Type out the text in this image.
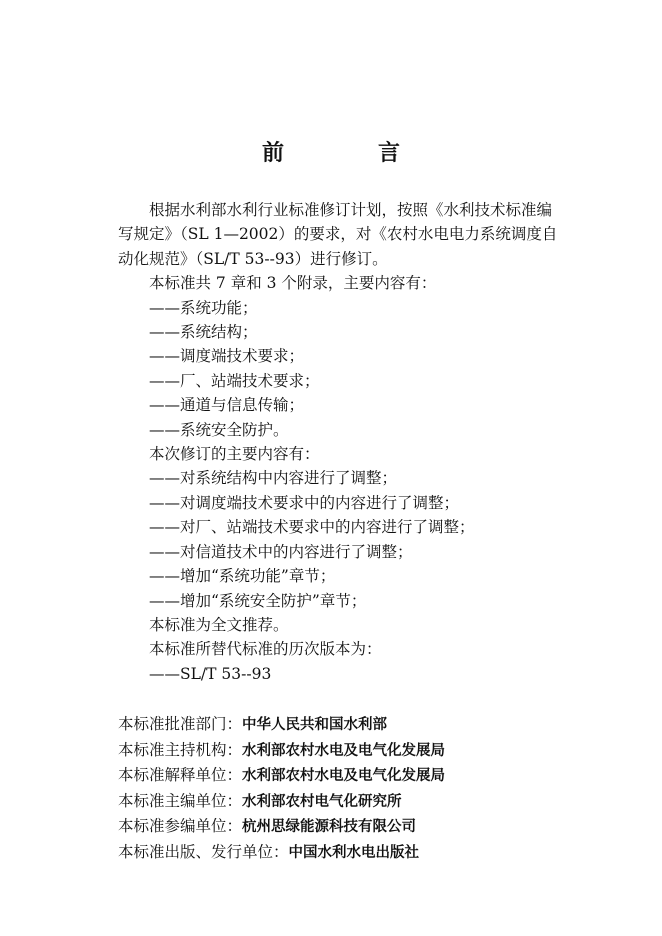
前　言

根据水利部水利行业标准修订计划，按照《水利技术标准编

写规定》（SL 1—2002）的要求，对《农村水电电力系统调度自

动化规范》（SL/T 53--93）进行修订。

本标准共 7 章和 3 个附录，主要内容有：

——系统功能；

——系统结构；

——调度端技术要求；

——厂、站端技术要求；

——通道与信息传输；

——系统安全防护。

本次修订的主要内容有：

——对系统结构中内容进行了调整；

——对调度端技术要求中的内容进行了调整；

——对厂、站端技术要求中的内容进行了调整；

——对信道技术中的内容进行了调整；

——增加“系统功能”章节；

——增加“系统安全防护”章节；

本标准为全文推荐。

本标准所替代标准的历次版本为：

——SL/T 53--93

本标准批准部门：中华人民共和国水利部
本标准主持机构：水利部农村水电及电气化发展局
本标准解释单位：水利部农村水电及电气化发展局
本标准主编单位：水利部农村电气化研究所
本标准参编单位：杭州思绿能源科技有限公司
本标准出版、发行单位：中国水利水电出版社
